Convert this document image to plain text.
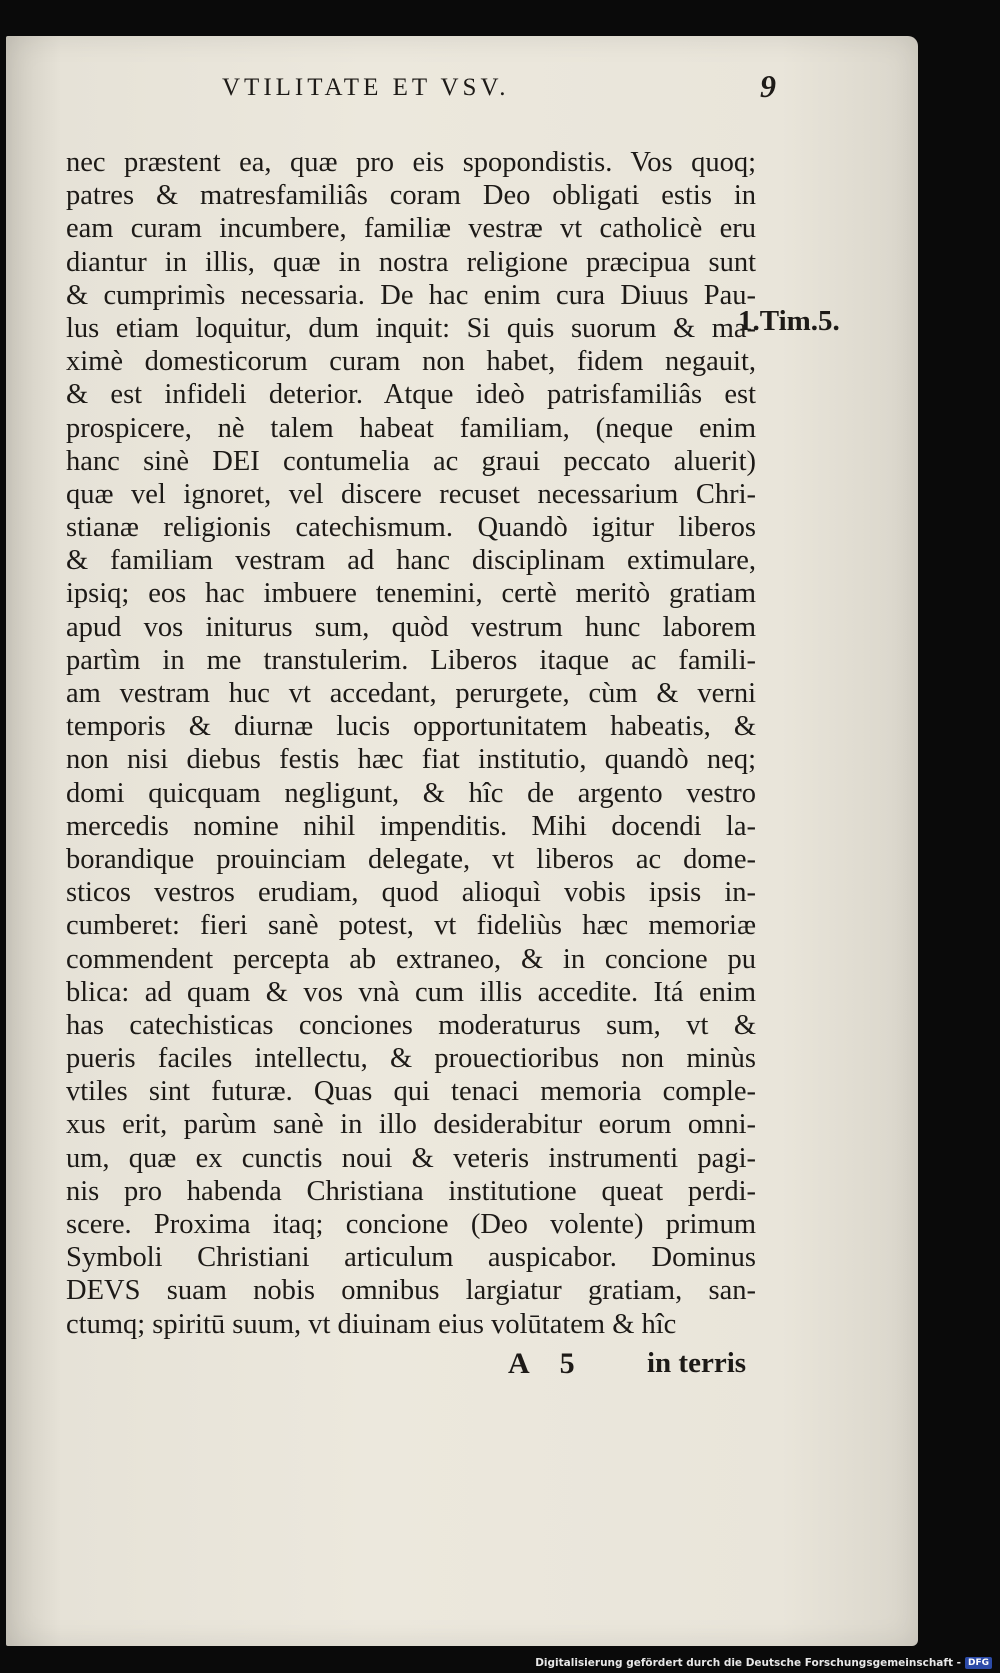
VTILITATE ET VSV.	9
nec præstent ea, quæ pro eis spopondistis. Vos quoq;
patres & matresfamiliâs coram Deo obligati estis in
eam curam incumbere, familiæ vestræ vt catholicè eru
diantur in illis, quæ in nostra religione præcipua sunt
& cumprimìs necessaria. De hac enim cura Diuus Pau-
lus etiam loquitur, dum inquit: Si quis suorum & ma-
ximè domesticorum curam non habet, fidem negauit,
& est infideli deterior. Atque ideò patrisfamiliâs est
prospicere, nè talem habeat familiam, (neque enim
hanc sinè DEI contumelia ac graui peccato aluerit)
quæ vel ignoret, vel discere recuset necessarium Chri-
stianæ religionis catechismum. Quandò igitur liberos
& familiam vestram ad hanc disciplinam extimulare,
ipsiq; eos hac imbuere tenemini, certè meritò gratiam
apud vos initurus sum, quòd vestrum hunc laborem
partìm in me transtulerim. Liberos itaque ac famili-
am vestram huc vt accedant, perurgete, cùm & verni
temporis & diurnæ lucis opportunitatem habeatis, &
non nisi diebus festis hæc fiat institutio, quandò neq;
domi quicquam negligunt, & hîc de argento vestro
mercedis nomine nihil impenditis. Mihi docendi la-
borandique prouinciam delegate, vt liberos ac dome-
sticos vestros erudiam, quod alioquì vobis ipsis in-
cumberet: fieri sanè potest, vt fideliùs hæc memoriæ
commendent percepta ab extraneo, & in concione pu
blica: ad quam & vos vnà cum illis accedite. Itá enim
has catechisticas conciones moderaturus sum, vt &
pueris faciles intellectu, & prouectioribus non minùs
vtiles sint futuræ. Quas qui tenaci memoria comple-
xus erit, parùm sanè in illo desiderabitur eorum omni-
um, quæ ex cunctis noui & veteris instrumenti pagi-
nis pro habenda Christiana institutione queat perdi-
scere. Proxima itaq; concione (Deo volente) primum
Symboli Christiani articulum auspicabor. Dominus
DEVS suam nobis omnibus largiatur gratiam, san-
ctumq; spiritū suum, vt diuinam eius volūtatem & hîc
1.Tim.5.
A 5	in terris
Digitalisierung gefördert durch die Deutsche Forschungsgemeinschaft - DFG
